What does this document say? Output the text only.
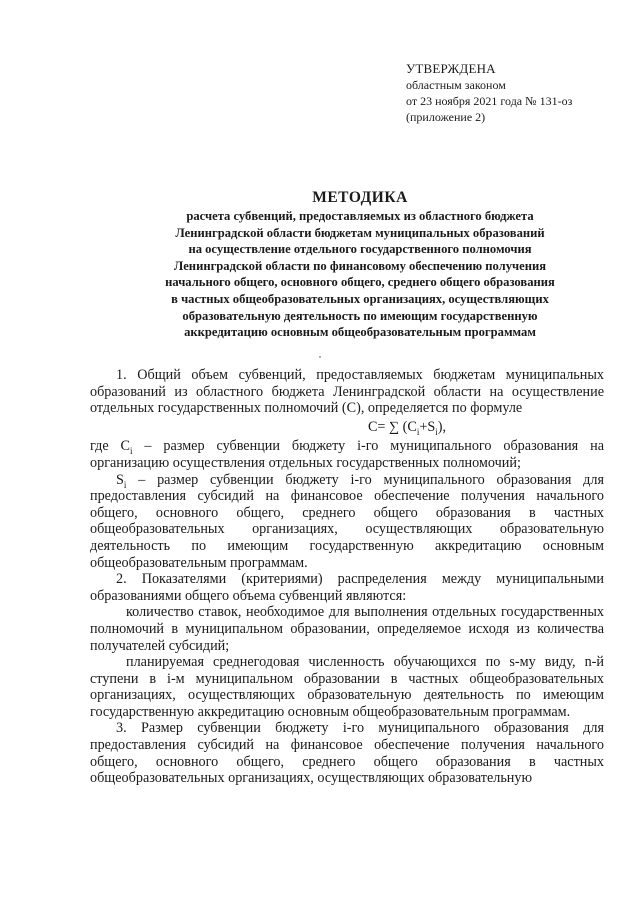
УТВЕРЖДЕНА
областным законом
от 23 ноября 2021 года № 131-оз
(приложение 2)
МЕТОДИКА
расчета субвенций, предоставляемых из областного бюджета
Ленинградской области бюджетам муниципальных образований
на осуществление отдельного государственного полномочия
Ленинградской области по финансовому обеспечению получения
начального общего, основного общего, среднего общего образования
в частных общеобразовательных организациях, осуществляющих
образовательную деятельность по имеющим государственную
аккредитацию основным общеобразовательным программам
1. Общий объем субвенций, предоставляемых бюджетам муниципальных образований из областного бюджета Ленинградской области на осуществление отдельных государственных полномочий (С), определяется по формуле
С= ∑ $(С_i+S_i)$,
где $С_i$ – размер субвенции бюджету i-го муниципального образования на организацию осуществления отдельных государственных полномочий;
$S_i$ – размер субвенции бюджету i-го муниципального образования для предоставления субсидий на финансовое обеспечение получения начального общего, основного общего, среднего общего образования в частных общеобразовательных организациях, осуществляющих образовательную деятельность по имеющим государственную аккредитацию основным общеобразовательным программам.
2. Показателями (критериями) распределения между муниципальными образованиями общего объема субвенций являются:
количество ставок, необходимое для выполнения отдельных государственных полномочий в муниципальном образовании, определяемое исходя из количества получателей субсидий;
планируемая среднегодовая численность обучающихся по s-му виду, n-й ступени в i-м муниципальном образовании в частных общеобразовательных организациях, осуществляющих образовательную деятельность по имеющим государственную аккредитацию основным общеобразовательным программам.
3. Размер субвенции бюджету i-го муниципального образования для предоставления субсидий на финансовое обеспечение получения начального общего, основного общего, среднего общего образования в частных общеобразовательных организациях, осуществляющих образовательную
